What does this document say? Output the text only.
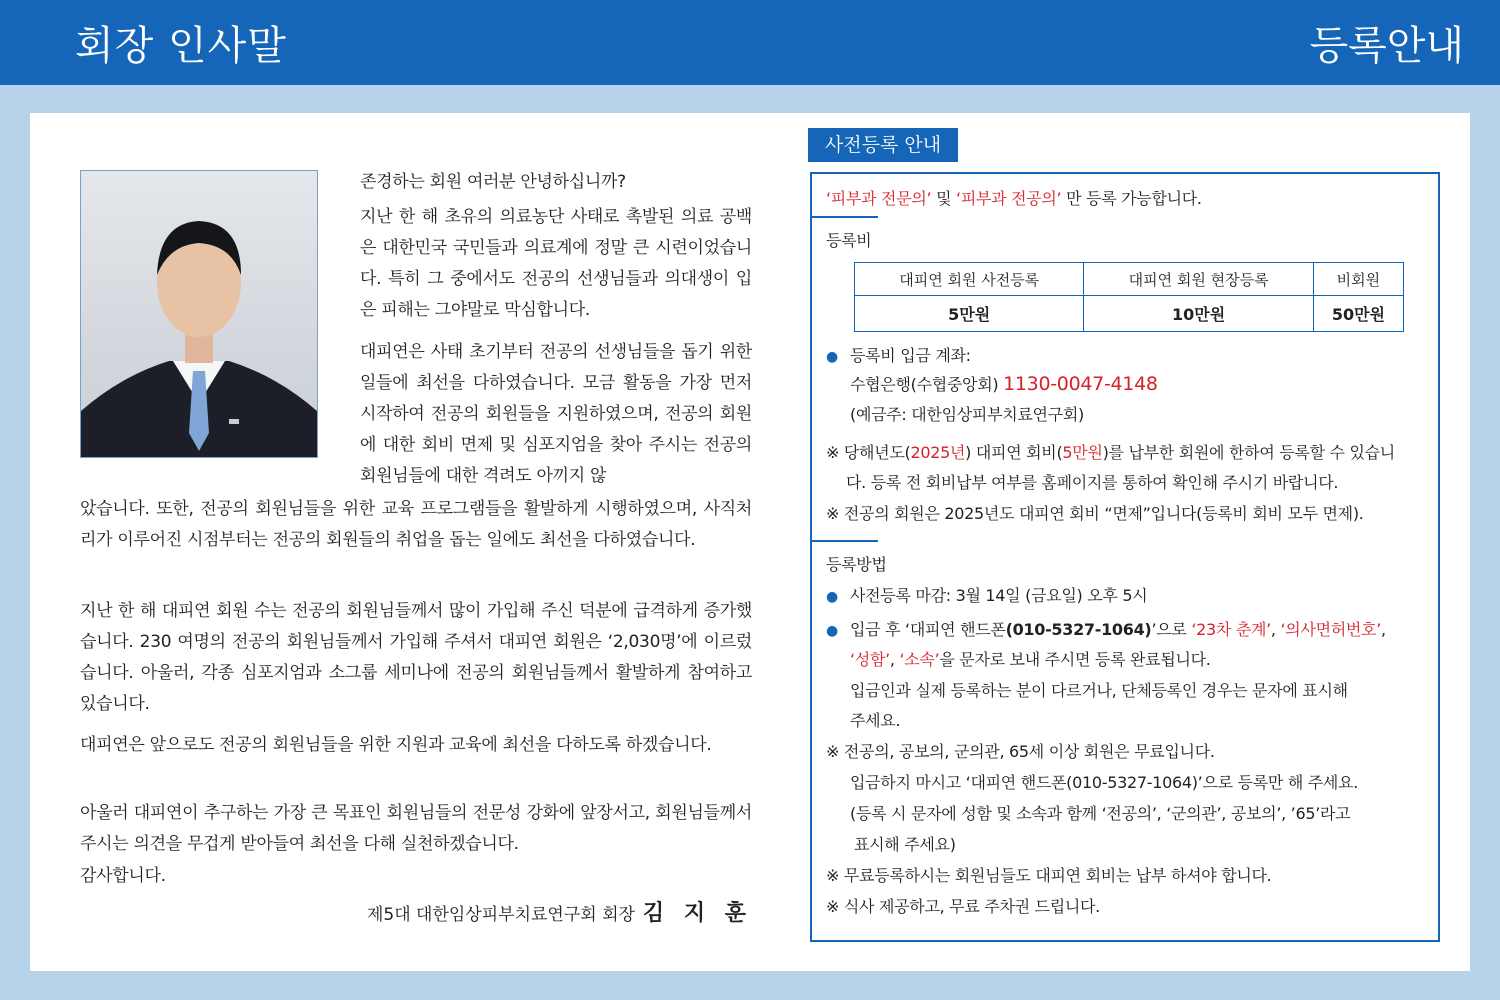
회장 인사말	등록안내
존경하는 회원 여러분 안녕하십니까?
지난 한 해 초유의 의료농단 사태로 촉발된 의료 공백은 대한민국 국민들과 의료계에 정말 큰 시련이었습니다. 특히 그 중에서도 전공의 선생님들과 의대생이 입은 피해는 그야말로 막심합니다.
대피연은 사태 초기부터 전공의 선생님들을 돕기 위한 일들에 최선을 다하였습니다. 모금 활동을 가장 먼저 시작하여 전공의 회원들을 지원하였으며, 전공의 회원에 대한 회비 면제 및 심포지엄을 찾아 주시는 전공의 회원님들에 대한 격려도 아끼지 않
았습니다. 또한, 전공의 회원님들을 위한 교육 프로그램들을 활발하게 시행하였으며, 사직처리가 이루어진 시점부터는 전공의 회원들의 취업을 돕는 일에도 최선을 다하였습니다.
지난 한 해 대피연 회원 수는 전공의 회원님들께서 많이 가입해 주신 덕분에 급격하게 증가했습니다. 230 여명의 전공의 회원님들께서 가입해 주셔서 대피연 회원은 ‘2,030명’에 이르렀습니다. 아울러, 각종 심포지엄과 소그룹 세미나에 전공의 회원님들께서 활발하게 참여하고 있습니다.
대피연은 앞으로도 전공의 회원님들을 위한 지원과 교육에 최선을 다하도록 하겠습니다.
아울러 대피연이 추구하는 가장 큰 목표인 회원님들의 전문성 강화에 앞장서고, 회원님들께서 주시는 의견을 무겁게 받아들여 최선을 다해 실천하겠습니다.
감사합니다.
제5대 대한임상피부치료연구회 회장 김 지 훈
사전등록 안내
‘피부과 전문의’ 및 ‘피부과 전공의’ 만 등록 가능합니다.
등록비
대피연 회원 사전등록	대피연 회원 현장등록	비회원
5만원	10만원	50만원
● 등록비 입금 계좌:
수협은행(수협중앙회) 1130-0047-4148
(예금주: 대한임상피부치료연구회)
※ 당해년도(2025년) 대피연 회비(5만원)를 납부한 회원에 한하여 등록할 수 있습니
다. 등록 전 회비납부 여부를 홈페이지를 통하여 확인해 주시기 바랍니다.
※ 전공의 회원은 2025년도 대피연 회비 “면제”입니다(등록비 회비 모두 면제).
등록방법
● 사전등록 마감: 3월 14일 (금요일) 오후 5시
● 입금 후 ‘대피연 핸드폰(010-5327-1064)’으로 ‘23차 춘계’, ‘의사면허번호’,
‘성함’, ‘소속’을 문자로 보내 주시면 등록 완료됩니다.
입금인과 실제 등록하는 분이 다르거나, 단체등록인 경우는 문자에 표시해
주세요.
※ 전공의, 공보의, 군의관, 65세 이상 회원은 무료입니다.
입금하지 마시고 ‘대피연 핸드폰(010-5327-1064)’으로 등록만 해 주세요.
(등록 시 문자에 성함 및 소속과 함께 ‘전공의’, ‘군의관’, 공보의’, ’65’라고
표시해 주세요)
※ 무료등록하시는 회원님들도 대피연 회비는 납부 하셔야 합니다.
※ 식사 제공하고, 무료 주차권 드립니다.
